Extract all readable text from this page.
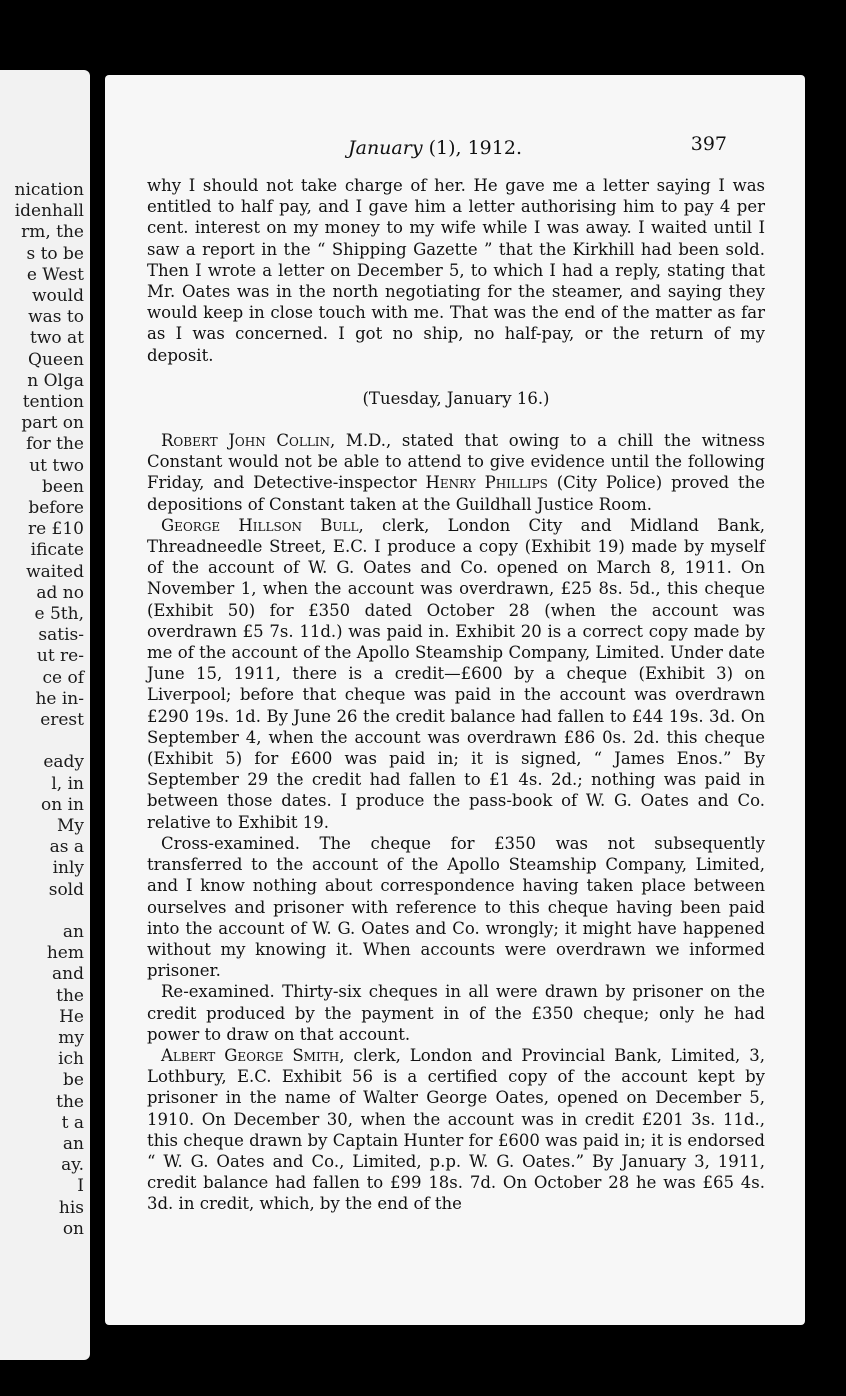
nication
idenhall
rm, the
s to be
e West
would
was to
two at
Queen
n Olga
tention
part on
for the
ut two
been
before
re £10
ificate
waited
ad no
e 5th,
satis-
ut re-
ce of
he in-
erest
eady
l, in
on in
My
as a
inly
sold
an
hem
and
the
He
my
ich
be
the
t a
an
ay.
I
his
on
January (1), 1912.	397

why I should not take charge of her. He gave me a letter saying I was entitled to half pay, and I gave him a letter authorising him to pay 4 per cent. interest on my money to my wife while I was away. I waited until I saw a report in the “ Shipping Gazette ” that the Kirkhill had been sold. Then I wrote a letter on December 5, to which I had a reply, stating that Mr. Oates was in the north negotiating for the steamer, and saying they would keep in close touch with me. That was the end of the matter as far as I was concerned. I got no ship, no half-pay, or the return of my deposit.

(Tuesday, January 16.)

Robert John Collin, M.D., stated that owing to a chill the witness Constant would not be able to attend to give evidence until the following Friday, and Detective-inspector Henry Phillips (City Police) proved the depositions of Constant taken at the Guildhall Justice Room.

George Hillson Bull, clerk, London City and Midland Bank, Threadneedle Street, E.C. I produce a copy (Exhibit 19) made by myself of the account of W. G. Oates and Co. opened on March 8, 1911. On November 1, when the account was overdrawn, £25 8s. 5d., this cheque (Exhibit 50) for £350 dated October 28 (when the account was overdrawn £5 7s. 11d.) was paid in. Exhibit 20 is a correct copy made by me of the account of the Apollo Steamship Company, Limited. Under date June 15, 1911, there is a credit—£600 by a cheque (Exhibit 3) on Liverpool; before that cheque was paid in the account was overdrawn £290 19s. 1d. By June 26 the credit balance had fallen to £44 19s. 3d. On September 4, when the account was overdrawn £86 0s. 2d. this cheque (Exhibit 5) for £600 was paid in; it is signed, “ James Enos.” By September 29 the credit had fallen to £1 4s. 2d.; nothing was paid in between those dates. I produce the pass-book of W. G. Oates and Co. relative to Exhibit 19.

Cross-examined. The cheque for £350 was not subsequently transferred to the account of the Apollo Steamship Company, Limited, and I know nothing about correspondence having taken place between ourselves and prisoner with reference to this cheque having been paid into the account of W. G. Oates and Co. wrongly; it might have happened without my knowing it. When accounts were overdrawn we informed prisoner.

Re-examined. Thirty-six cheques in all were drawn by prisoner on the credit produced by the payment in of the £350 cheque; only he had power to draw on that account.

Albert George Smith, clerk, London and Provincial Bank, Limited, 3, Lothbury, E.C. Exhibit 56 is a certified copy of the account kept by prisoner in the name of Walter George Oates, opened on December 5, 1910. On December 30, when the account was in credit £201 3s. 11d., this cheque drawn by Captain Hunter for £600 was paid in; it is endorsed “ W. G. Oates and Co., Limited, p.p. W. G. Oates.” By January 3, 1911, credit balance had fallen to £99 18s. 7d. On October 28 he was £65 4s. 3d. in credit, which, by the end of the
